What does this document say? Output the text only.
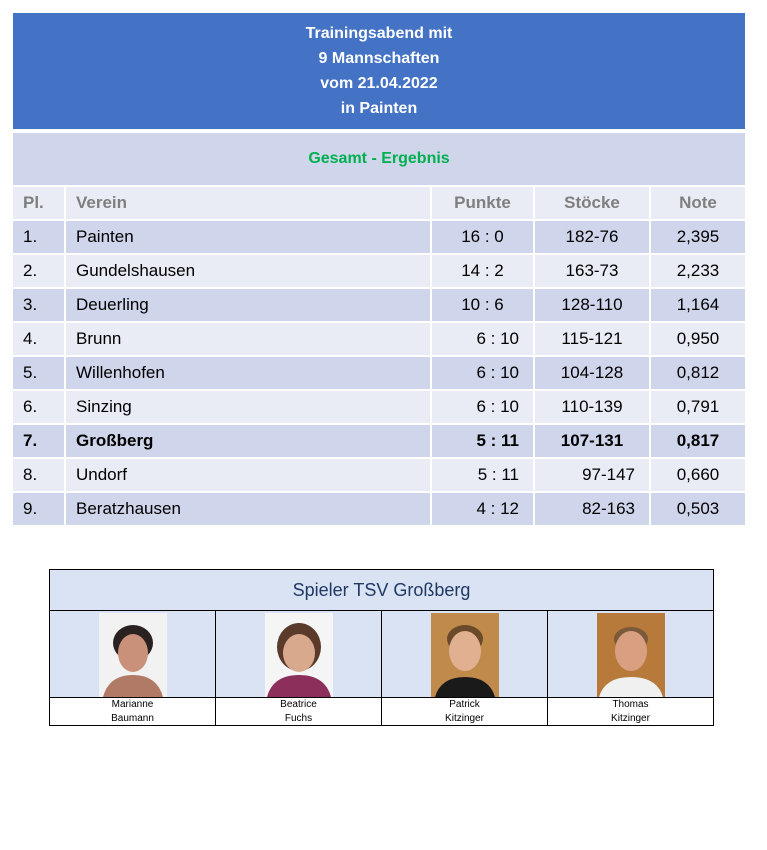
Trainingsabend mit
9 Mannschaften
vom 21.04.2022
in Painten
Gesamt - Ergebnis
Pl.	Verein	Punkte	Stöcke	Note
1.	Painten	16 : 0	182-76	2,395
2.	Gundelshausen	14 : 2	163-73	2,233
3.	Deuerling	10 : 6	128-110	1,164
4.	Brunn	6 : 10	115-121	0,950
5.	Willenhofen	6 : 10	104-128	0,812
6.	Sinzing	6 : 10	110-139	0,791
7.	Großberg	5 : 11	107-131	0,817
8.	Undorf	5 : 11	97-147	0,660
9.	Beratzhausen	4 : 12	82-163	0,503
Spieler TSV Großberg
Marianne
Baumann
Beatrice
Fuchs
Patrick
Kitzinger
Thomas
Kitzinger
